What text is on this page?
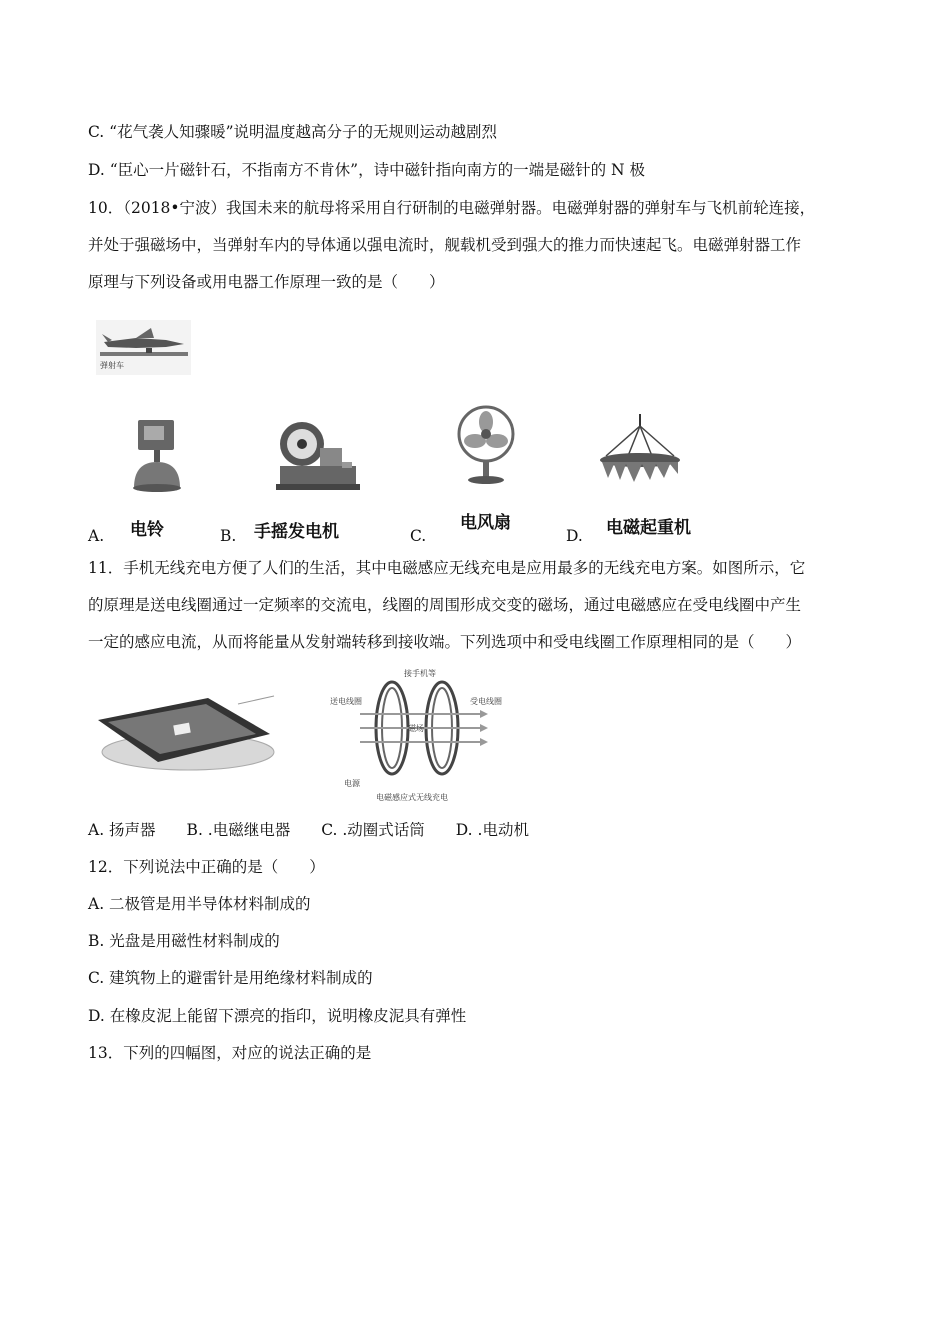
C. “花气袭人知骤暖”说明温度越高分子的无规则运动越剧烈
D. “臣心一片磁针石，不指南方不肯休”，诗中磁针指向南方的一端是磁针的 N 极
10．（2018•宁波）我国未来的航母将采用自行研制的电磁弹射器。电磁弹射器的弹射车与飞机前轮连接，
并处于强磁场中，当弹射车内的导体通以强电流时，舰载机受到强大的推力而快速起飞。电磁弹射器工作
原理与下列设备或用电器工作原理一致的是（　　）
弹射车
A. 电铃	B. 手摇发电机	C.
电风扇
D. 电磁起重机
11．手机无线充电方便了人们的生活，其中电磁感应无线充电是应用最多的无线充电方案。如图所示，它
的原理是送电线圈通过一定频率的交流电，线圈的周围形成交变的磁场，通过电磁感应在受电线圈中产生
一定的感应电流，从而将能量从发射端转移到接收端。下列选项中和受电线圈工作原理相同的是（　　）
送电线圈	受电线圈
磁场
接手机等
电源
电磁感应式无线充电
A. 扬声器　　B. .电磁继电器　　C. .动圈式话筒　　D. .电动机
12．下列说法中正确的是（　　）
A. 二极管是用半导体材料制成的
B. 光盘是用磁性材料制成的
C. 建筑物上的避雷针是用绝缘材料制成的
D. 在橡皮泥上能留下漂亮的指印，说明橡皮泥具有弹性
13．下列的四幅图，对应的说法正确的是
